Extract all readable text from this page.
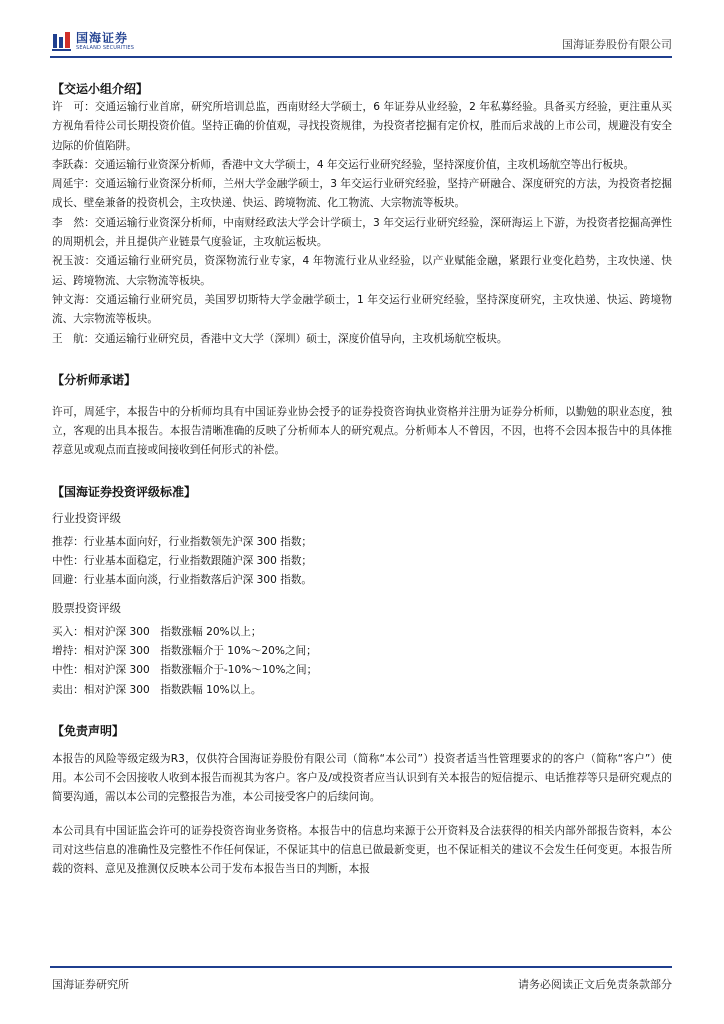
国海证券
SEALAND SECURITIES	国海证券股份有限公司
【交运小组介绍】

许　可：交通运输行业首席，研究所培训总监，西南财经大学硕士，6 年证券从业经验，2 年私募经验。具备买方经验，更注重从买方视角看待公司长期投资价值。坚持正确的价值观，寻找投资规律，为投资者挖掘有定价权，胜而后求战的上市公司，规避没有安全边际的价值陷阱。

李跃森：交通运输行业资深分析师，香港中文大学硕士，4 年交运行业研究经验，坚持深度价值，主攻机场航空等出行板块。

周延宇：交通运输行业资深分析师，兰州大学金融学硕士，3 年交运行业研究经验，坚持产研融合、深度研究的方法，为投资者挖掘成长、壁垒兼备的投资机会，主攻快递、快运、跨境物流、化工物流、大宗物流等板块。

李　然：交通运输行业资深分析师，中南财经政法大学会计学硕士，3 年交运行业研究经验，深研海运上下游，为投资者挖掘高弹性的周期机会，并且提供产业链景气度验证，主攻航运板块。

祝玉波：交通运输行业研究员，资深物流行业专家，4 年物流行业从业经验，以产业赋能金融，紧跟行业变化趋势，主攻快递、快运、跨境物流、大宗物流等板块。

钟文海：交通运输行业研究员，美国罗切斯特大学金融学硕士，1 年交运行业研究经验，坚持深度研究，主攻快递、快运、跨境物流、大宗物流等板块。

王　航：交通运输行业研究员，香港中文大学（深圳）硕士，深度价值导向，主攻机场航空板块。

【分析师承诺】

许可，周延宇，本报告中的分析师均具有中国证券业协会授予的证券投资咨询执业资格并注册为证券分析师，以勤勉的职业态度，独立，客观的出具本报告。本报告清晰准确的反映了分析师本人的研究观点。分析师本人不曾因，不因，也将不会因本报告中的具体推荐意见或观点而直接或间接收到任何形式的补偿。

【国海证券投资评级标准】
行业投资评级
推荐：行业基本面向好，行业指数领先沪深 300 指数；
中性：行业基本面稳定，行业指数跟随沪深 300 指数；
回避：行业基本面向淡，行业指数落后沪深 300 指数。
股票投资评级
买入：相对沪深 300　指数涨幅 20%以上；
增持：相对沪深 300　指数涨幅介于 10%～20%之间；
中性：相对沪深 300　指数涨幅介于-10%～10%之间；
卖出：相对沪深 300　指数跌幅 10%以上。
【免责声明】

本报告的风险等级定级为R3，仅供符合国海证券股份有限公司（简称“本公司”）投资者适当性管理要求的的客户（简称“客户”）使用。本公司不会因接收人收到本报告而视其为客户。客户及/或投资者应当认识到有关本报告的短信提示、电话推荐等只是研究观点的简要沟通，需以本公司的完整报告为准，本公司接受客户的后续问询。

本公司具有中国证监会许可的证券投资咨询业务资格。本报告中的信息均来源于公开资料及合法获得的相关内部外部报告资料，本公司对这些信息的准确性及完整性不作任何保证，不保证其中的信息已做最新变更，也不保证相关的建议不会发生任何变更。本报告所载的资料、意见及推测仅反映本公司于发布本报告当日的判断，本报

国海证券研究所	请务必阅读正文后免责条款部分
